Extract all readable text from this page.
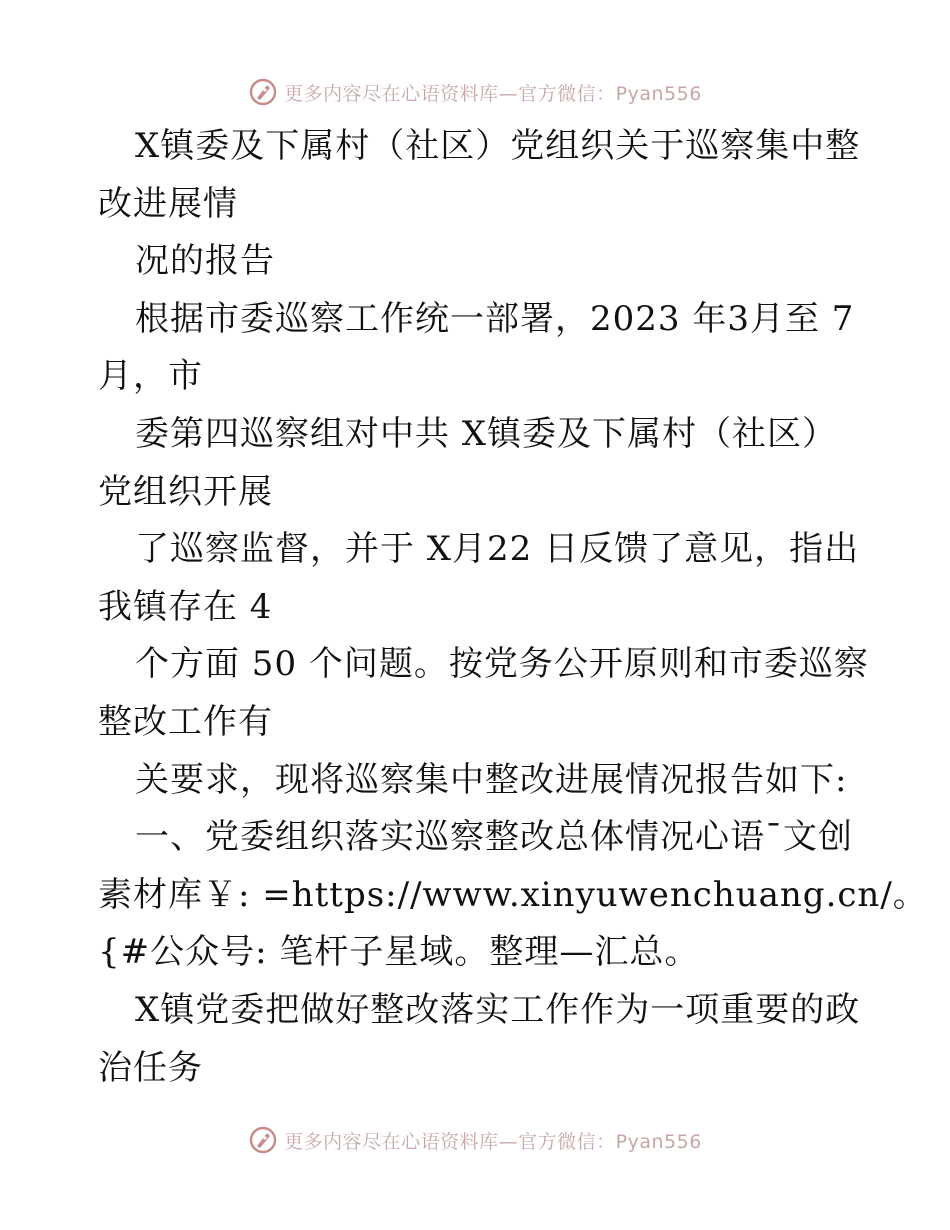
更多内容尽在心语资料库—官方微信：Pyan556
X镇委及下属村（社区）党组织关于巡察集中整
改进展情
况的报告
根据市委巡察工作统一部署，2023 年3月至 7
月，市
委第四巡察组对中共 X镇委及下属村（社区）
党组织开展
了巡察监督，并于 X月22 日反馈了意见，指出
我镇存在 4
个方面 50 个问题。按党务公开原则和市委巡察
整改工作有
关要求，现将巡察集中整改进展情况报告如下:
一、党委组织落实巡察整改总体情况心语¯文创
素材库￥: =https://www.xinyuwenchuang.cn/。
{#公众号: 笔杆子星域。整理—汇总。
X镇党委把做好整改落实工作作为一项重要的政
治任务
更多内容尽在心语资料库—官方微信：Pyan556
